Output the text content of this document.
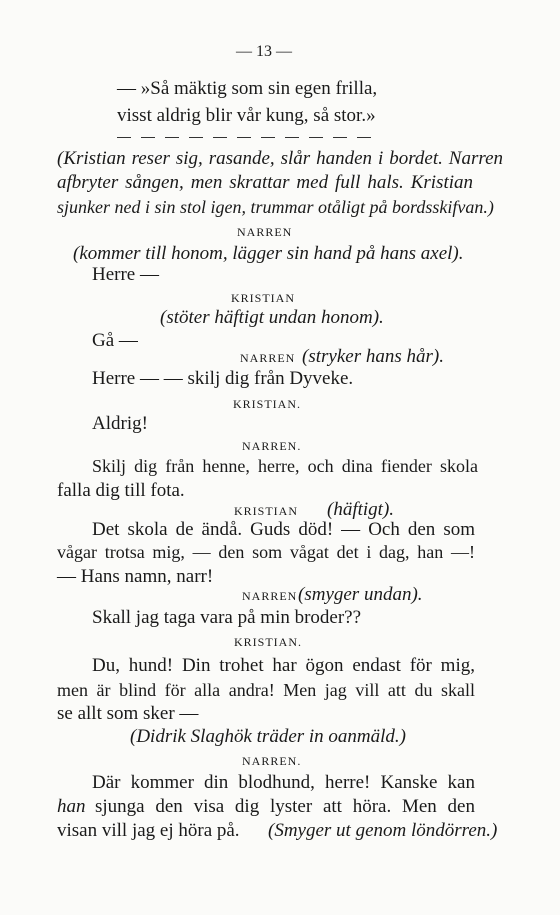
— 13 —
— »Så mäktig som sin egen frilla,
visst aldrig blir vår kung, så stor.»
(Kristian reser sig, rasande, slår handen i bordet. Narren
afbryter sången, men skrattar med full hals. Kristian
sjunker ned i sin stol igen, trummar otåligt på bordsskifvan.)
NARREN
(kommer till honom, lägger sin hand på hans axel).
Herre —
KRISTIAN
(stöter häftigt undan honom).
Gå —
NARREN (stryker hans hår).
Herre — — skilj dig från Dyveke.
KRISTIAN.
Aldrig!
NARREN.
Skilj dig från henne, herre, och dina fiender skola
falla dig till fota.
KRISTIAN (häftigt).
Det skola de ändå. Guds död! — Och den som
vågar trotsa mig, — den som vågat det i dag, han —!
— Hans namn, narr!
NARREN (smyger undan).
Skall jag taga vara på min broder??
KRISTIAN.
Du, hund! Din trohet har ögon endast för mig,
men är blind för alla andra! Men jag vill att du skall
se allt som sker —
(Didrik Slaghök träder in oanmäld.)
NARREN.
Där kommer din blodhund, herre! Kanske kan
han sjunga den visa dig lyster att höra. Men den
visan vill jag ej höra på. (Smyger ut genom löndörren.)
